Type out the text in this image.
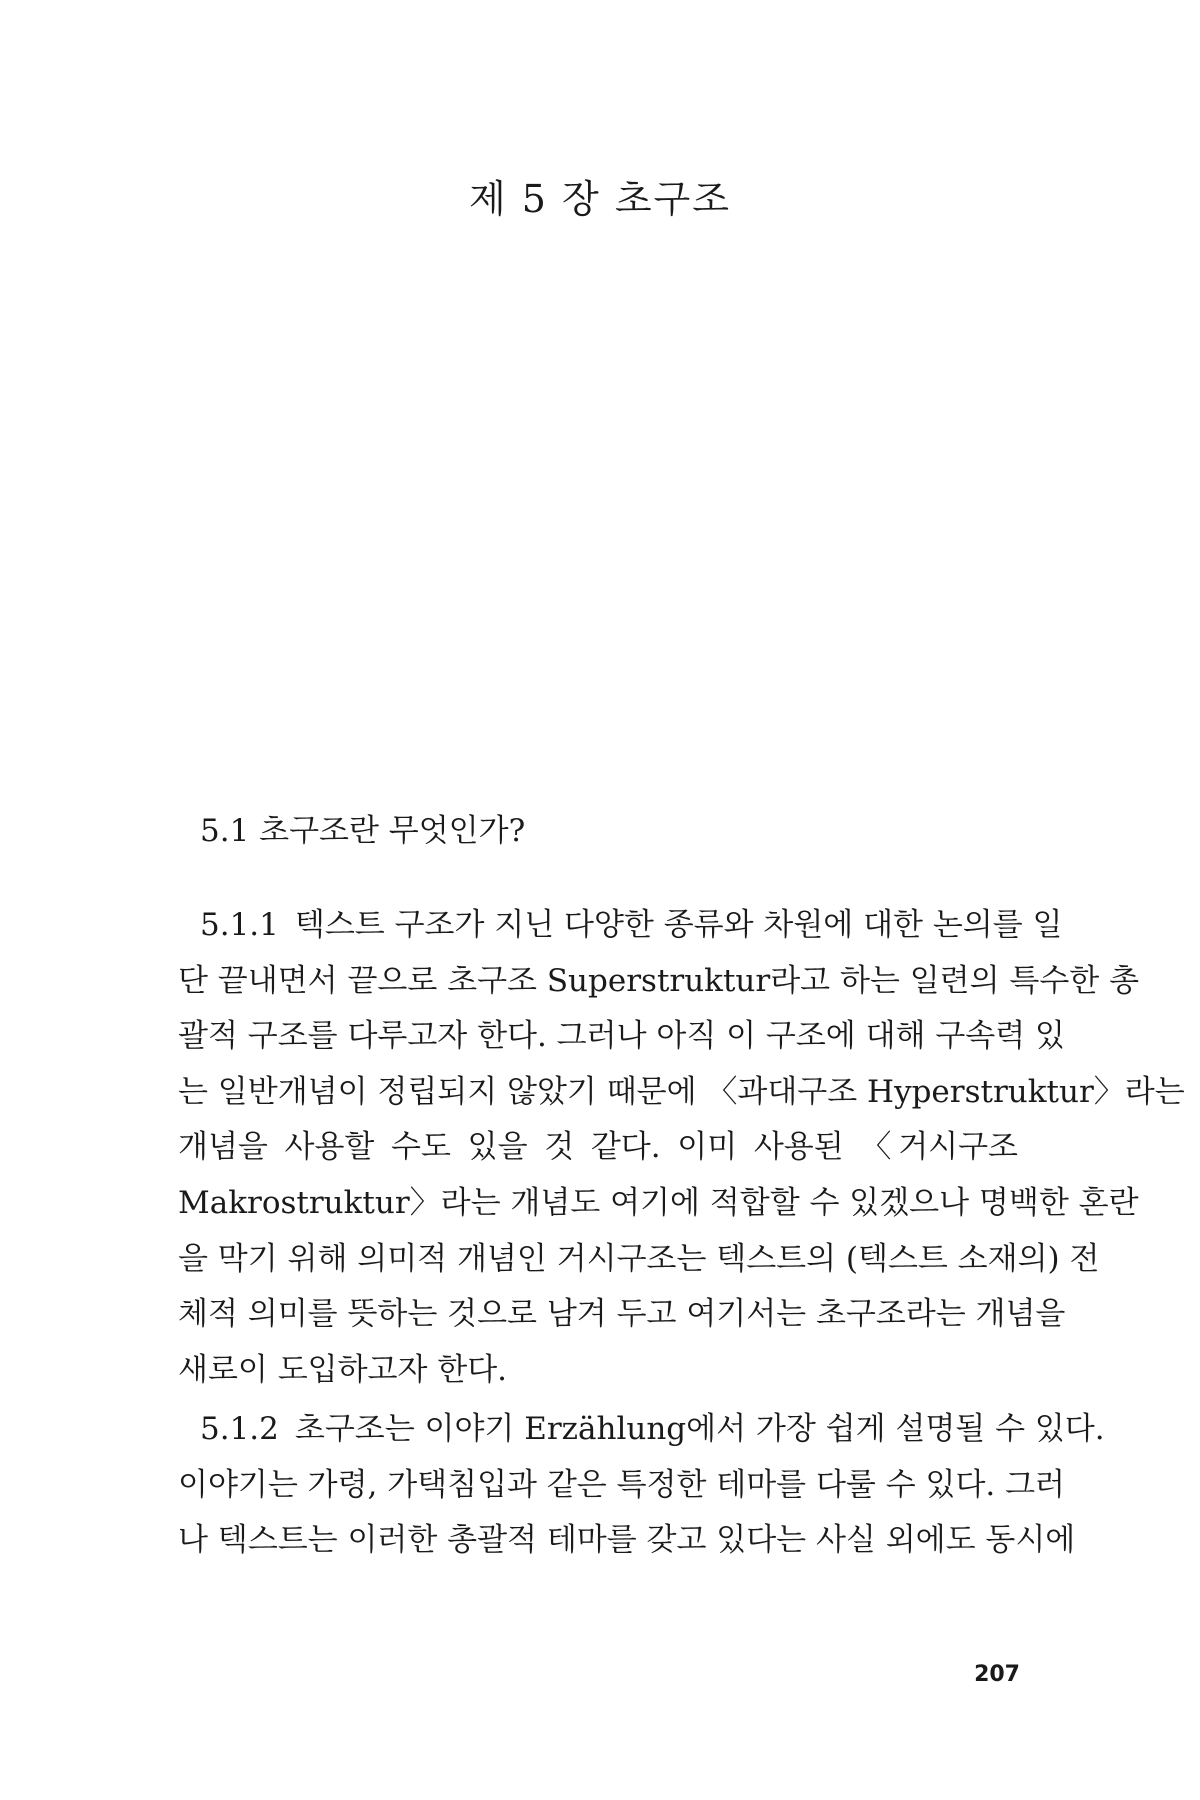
제 5 장 초구조
5.1 초구조란 무엇인가?
5.1.1 텍스트 구조가 지닌 다양한 종류와 차원에 대한 논의를 일
단 끝내면서 끝으로 초구조 Superstruktur라고 하는 일련의 특수한 총
괄적 구조를 다루고자 한다. 그러나 아직 이 구조에 대해 구속력 있
는 일반개념이 정립되지 않았기 때문에 〈과대구조 Hyperstruktur〉라는
개념을 사용할 수도 있을 것 같다. 이미 사용된 〈거시구조
Makrostruktur〉라는 개념도 여기에 적합할 수 있겠으나 명백한 혼란
을 막기 위해 의미적 개념인 거시구조는 텍스트의 (텍스트 소재의) 전
체적 의미를 뜻하는 것으로 남겨 두고 여기서는 초구조라는 개념을
새로이 도입하고자 한다.
5.1.2 초구조는 이야기 Erzählung에서 가장 쉽게 설명될 수 있다.
이야기는 가령, 가택침입과 같은 특정한 테마를 다룰 수 있다. 그러
나 텍스트는 이러한 총괄적 테마를 갖고 있다는 사실 외에도 동시에

207
